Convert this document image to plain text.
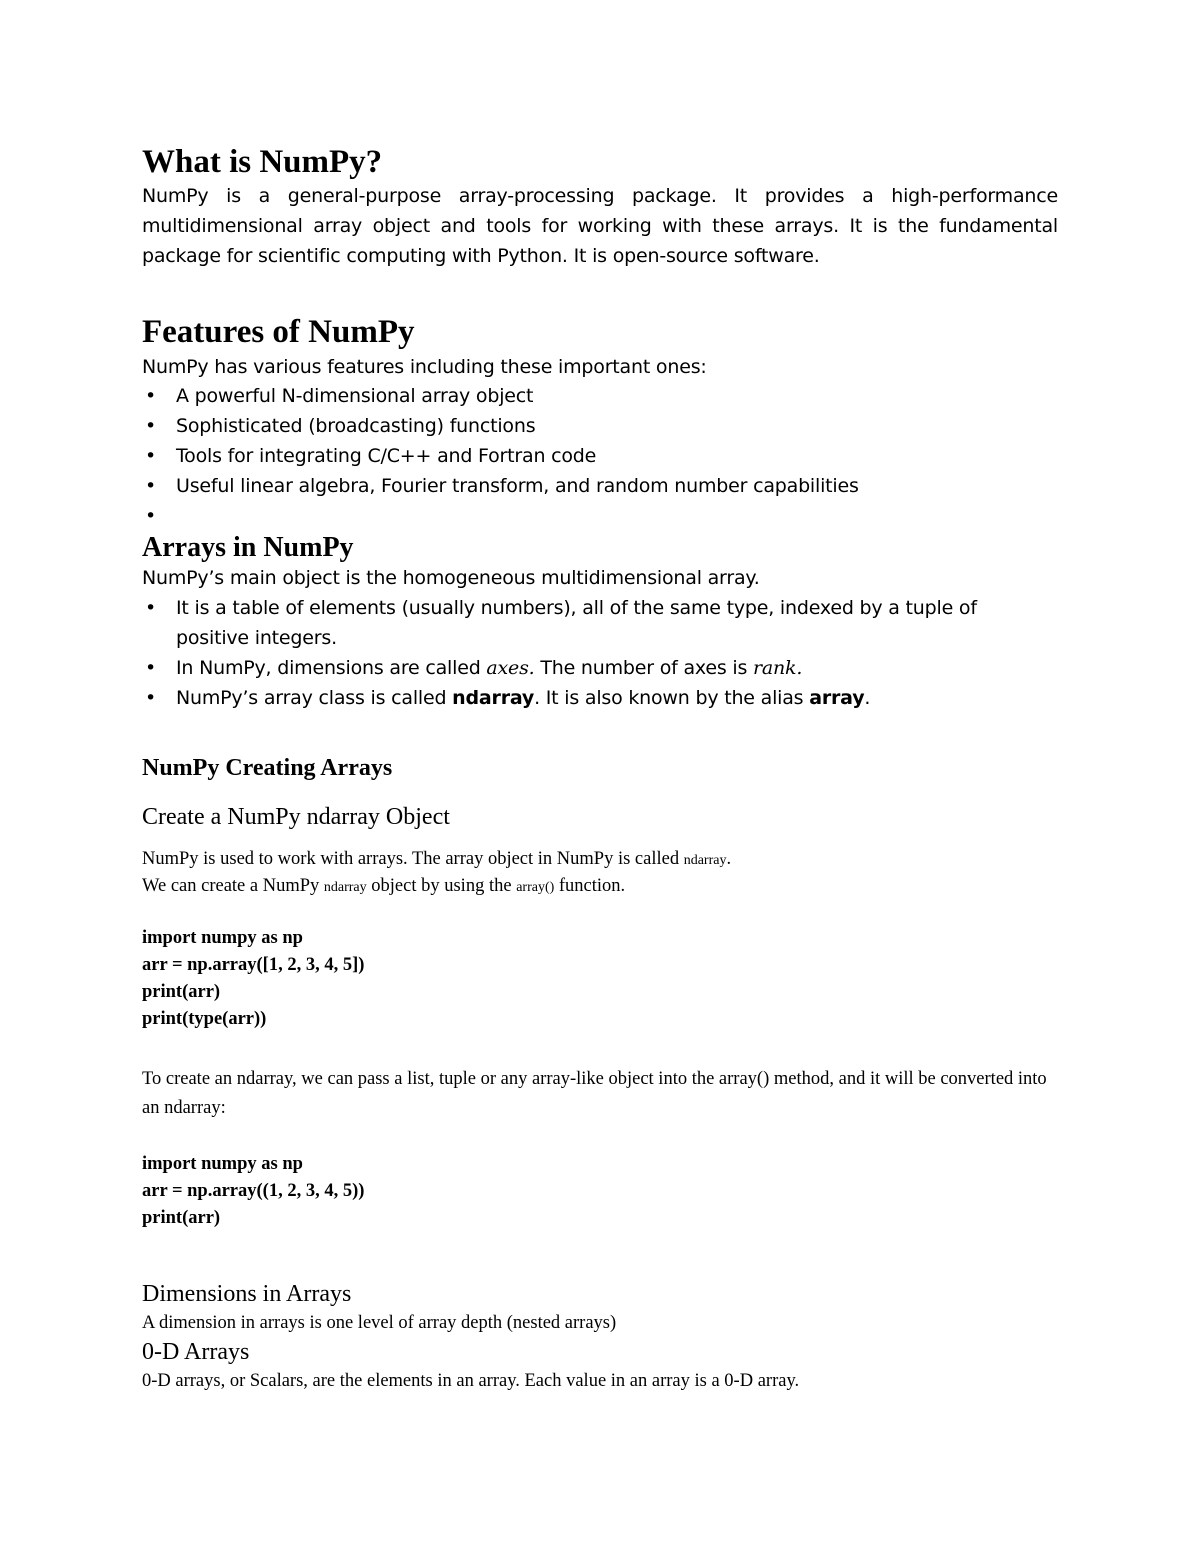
What is NumPy?

NumPy is a general-purpose array-processing package. It provides a high-performance multidimensional array object and tools for working with these arrays. It is the fundamental package for scientific computing with Python. It is open-source software.

Features of NumPy

NumPy has various features including these important ones:

• A powerful N-dimensional array object
• Sophisticated (broadcasting) functions
• Tools for integrating C/C++ and Fortran code
• Useful linear algebra, Fourier transform, and random number capabilities
•
Arrays in NumPy

NumPy’s main object is the homogeneous multidimensional array.

• It is a table of elements (usually numbers), all of the same type, indexed by a tuple of positive integers.
• In NumPy, dimensions are called axes. The number of axes is rank.
• NumPy’s array class is called ndarray. It is also known by the alias array.
NumPy Creating Arrays
Create a NumPy ndarray Object

NumPy is used to work with arrays. The array object in NumPy is called ndarray.

We can create a NumPy ndarray object by using the array() function.

import numpy as np

arr = np.array([1, 2, 3, 4, 5])

print(arr)

print(type(arr))

To create an ndarray, we can pass a list, tuple or any array-like object into the array() method, and it will be converted into an ndarray:

import numpy as np

arr = np.array((1, 2, 3, 4, 5))

print(arr)

Dimensions in Arrays

A dimension in arrays is one level of array depth (nested arrays)

0-D Arrays

0-D arrays, or Scalars, are the elements in an array. Each value in an array is a 0-D array.
